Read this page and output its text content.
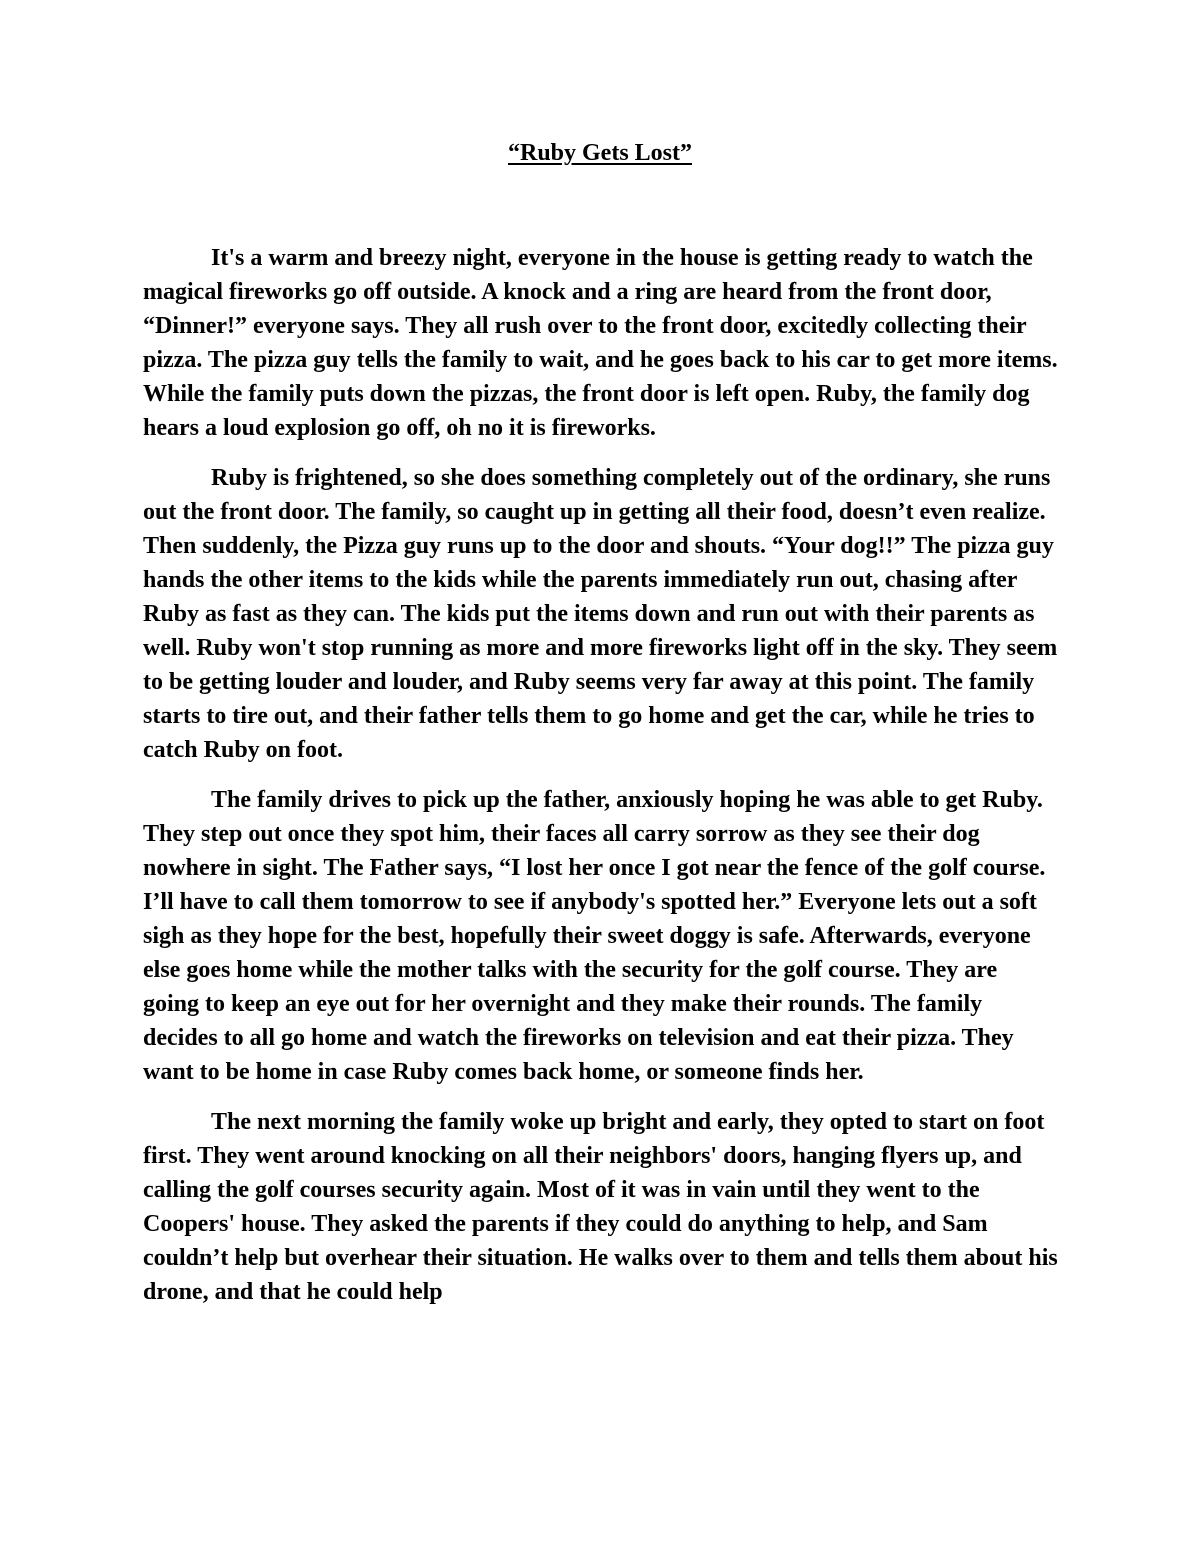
“Ruby Gets Lost”

It's a warm and breezy night, everyone in the house is getting ready to watch the magical fireworks go off outside. A knock and a ring are heard from the front door, “Dinner!” everyone says. They all rush over to the front door, excitedly collecting their pizza. The pizza guy tells the family to wait, and he goes back to his car to get more items. While the family puts down the pizzas, the front door is left open. Ruby, the family dog hears a loud explosion go off, oh no it is fireworks.

Ruby is frightened, so she does something completely out of the ordinary, she runs out the front door. The family, so caught up in getting all their food, doesn’t even realize. Then suddenly, the Pizza guy runs up to the door and shouts. “Your dog!!” The pizza guy hands the other items to the kids while the parents immediately run out, chasing after Ruby as fast as they can. The kids put the items down and run out with their parents as well. Ruby won't stop running as more and more fireworks light off in the sky. They seem to be getting louder and louder, and Ruby seems very far away at this point. The family starts to tire out, and their father tells them to go home and get the car, while he tries to catch Ruby on foot.

The family drives to pick up the father, anxiously hoping he was able to get Ruby. They step out once they spot him, their faces all carry sorrow as they see their dog nowhere in sight. The Father says, “I lost her once I got near the fence of the golf course. I’ll have to call them tomorrow to see if anybody's spotted her.” Everyone lets out a soft sigh as they hope for the best, hopefully their sweet doggy is safe. Afterwards, everyone else goes home while the mother talks with the security for the golf course. They are going to keep an eye out for her overnight and they make their rounds. The family decides to all go home and watch the fireworks on television and eat their pizza. They want to be home in case Ruby comes back home, or someone finds her.

The next morning the family woke up bright and early, they opted to start on foot first. They went around knocking on all their neighbors' doors, hanging flyers up, and calling the golf courses security again. Most of it was in vain until they went to the Coopers' house. They asked the parents if they could do anything to help, and Sam couldn’t help but overhear their situation. He walks over to them and tells them about his drone, and that he could help
